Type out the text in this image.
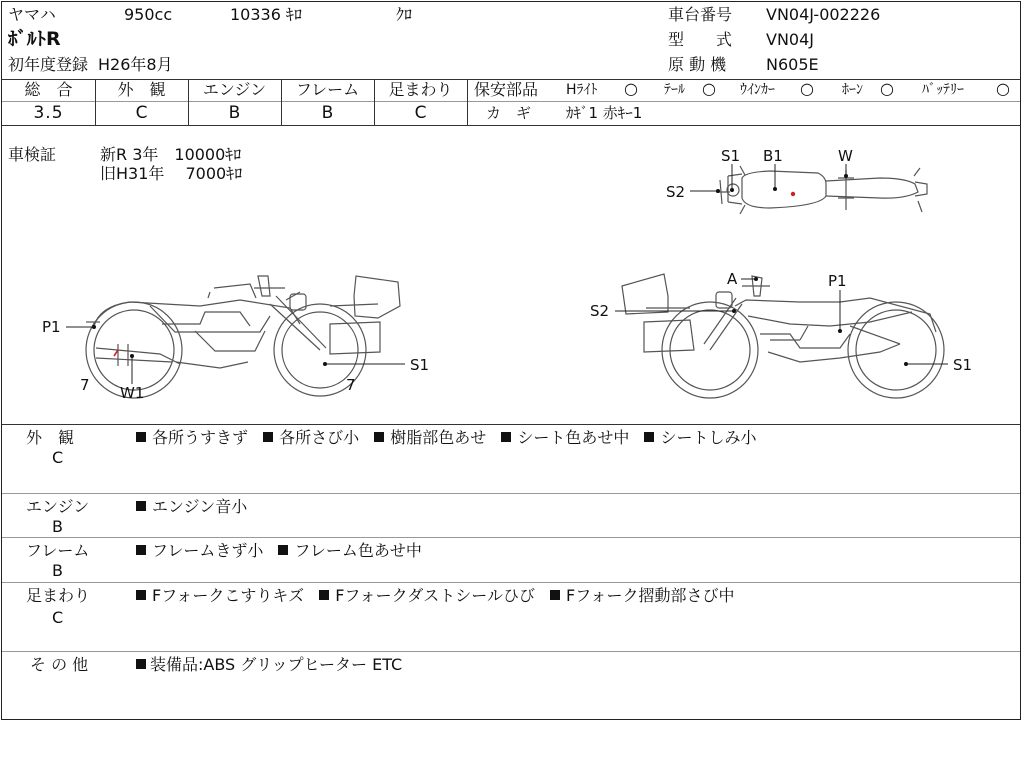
ヤマハ	950cc	10336 ｷﾛ	ｸﾛ
ﾎﾞﾙﾄR
初年度登録 H26年8月
車台番号 VN04J-002226
型　　式 VN04J
原 動 機 N605E
総　合	外　観	エンジン	フレーム	足まわり
3.5	C	B	B	C
保安部品 Hﾗｲﾄ ○ ﾃｰﾙ ○ ｳｲﾝｶｰ ○ ﾎｰﾝ ○ ﾊﾞｯﾃﾘｰ ○
カ　ギ ｶｷﾞ1 赤ｷｰ1
車検証	新R 3年　10000ｷﾛ
旧H31年　 7000ｷﾛ
S1 B1	W
S2
P1
7 W1	7
S1
A	P1
S2
S1
外　観
C
各所うすきず 各所さび小 樹脂部色あせ シート色あせ中 シートしみ小
エンジン
B
エンジン音小
フレーム
B
フレームきず小 フレーム色あせ中
足まわり
C
Fフォークこすりキズ Fフォークダストシールひび Fフォーク摺動部さび中
そ の 他	装備品:ABS グリップヒーター ETC
